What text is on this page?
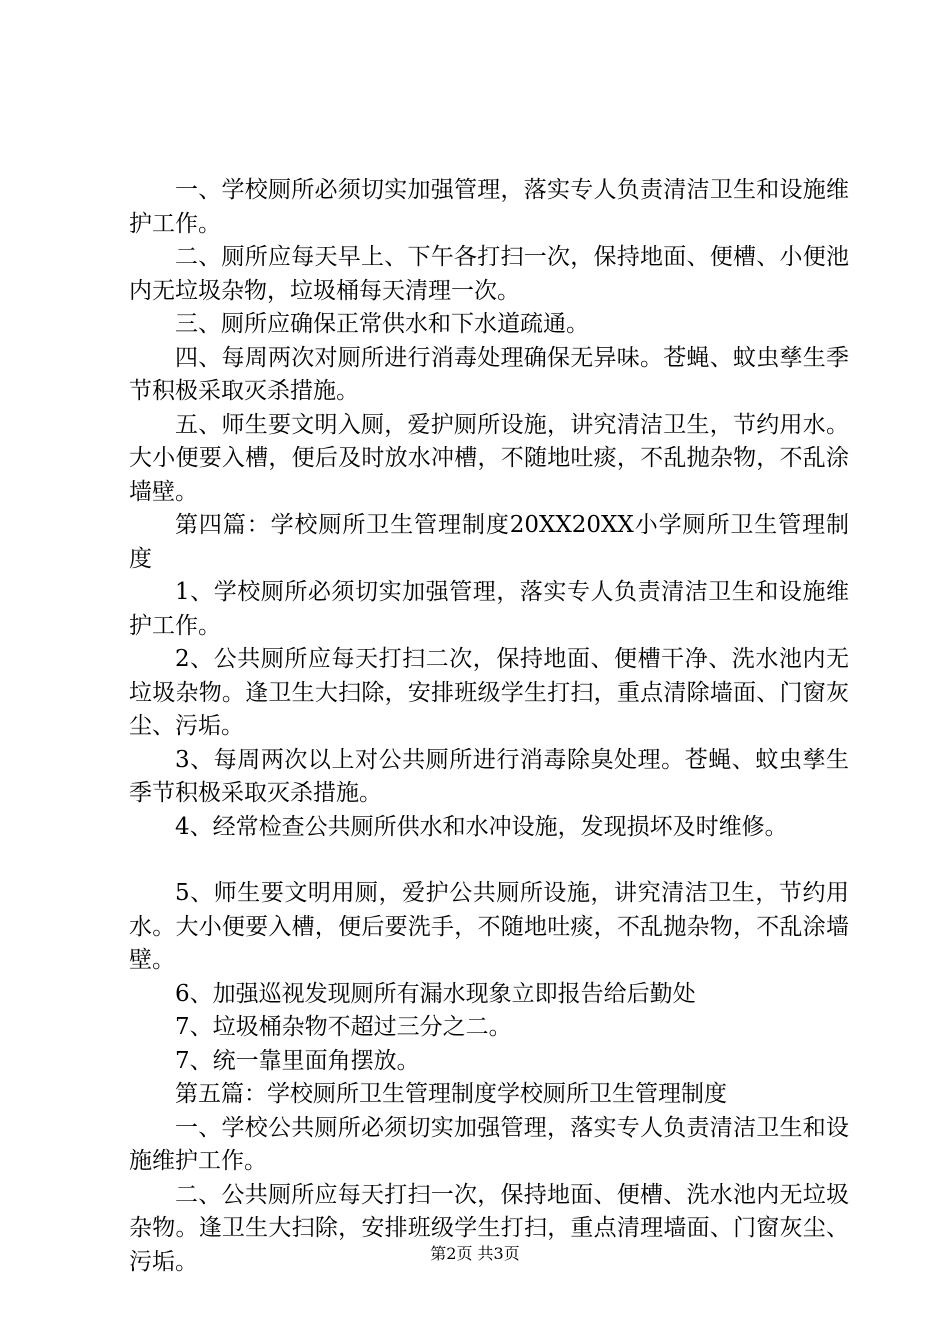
一、学校厕所必须切实加强管理，落实专人负责清洁卫生和设施维护工作。

二、厕所应每天早上、下午各打扫一次，保持地面、便槽、小便池内无垃圾杂物，垃圾桶每天清理一次。

三、厕所应确保正常供水和下水道疏通。

四、每周两次对厕所进行消毒处理确保无异味。苍蝇、蚊虫孳生季节积极采取灭杀措施。

五、师生要文明入厕，爱护厕所设施，讲究清洁卫生，节约用水。大小便要入槽，便后及时放水冲槽，不随地吐痰，不乱抛杂物，不乱涂墙壁。

第四篇：学校厕所卫生管理制度20XX20XX小学厕所卫生管理制度

1、学校厕所必须切实加强管理，落实专人负责清洁卫生和设施维护工作。

2、公共厕所应每天打扫二次，保持地面、便槽干净、洗水池内无垃圾杂物。逢卫生大扫除，安排班级学生打扫，重点清除墙面、门窗灰尘、污垢。

3、每周两次以上对公共厕所进行消毒除臭处理。苍蝇、蚊虫孳生季节积极采取灭杀措施。

4、经常检查公共厕所供水和水冲设施，发现损坏及时维修。

5、师生要文明用厕，爱护公共厕所设施，讲究清洁卫生，节约用水。大小便要入槽，便后要洗手，不随地吐痰，不乱抛杂物，不乱涂墙壁。

6、加强巡视发现厕所有漏水现象立即报告给后勤处

7、垃圾桶杂物不超过三分之二。

7、统一靠里面角摆放。

第五篇：学校厕所卫生管理制度学校厕所卫生管理制度

一、学校公共厕所必须切实加强管理，落实专人负责清洁卫生和设施维护工作。

二、公共厕所应每天打扫一次，保持地面、便槽、洗水池内无垃圾杂物。逢卫生大扫除，安排班级学生打扫，重点清理墙面、门窗灰尘、污垢。	第2页 共3页
